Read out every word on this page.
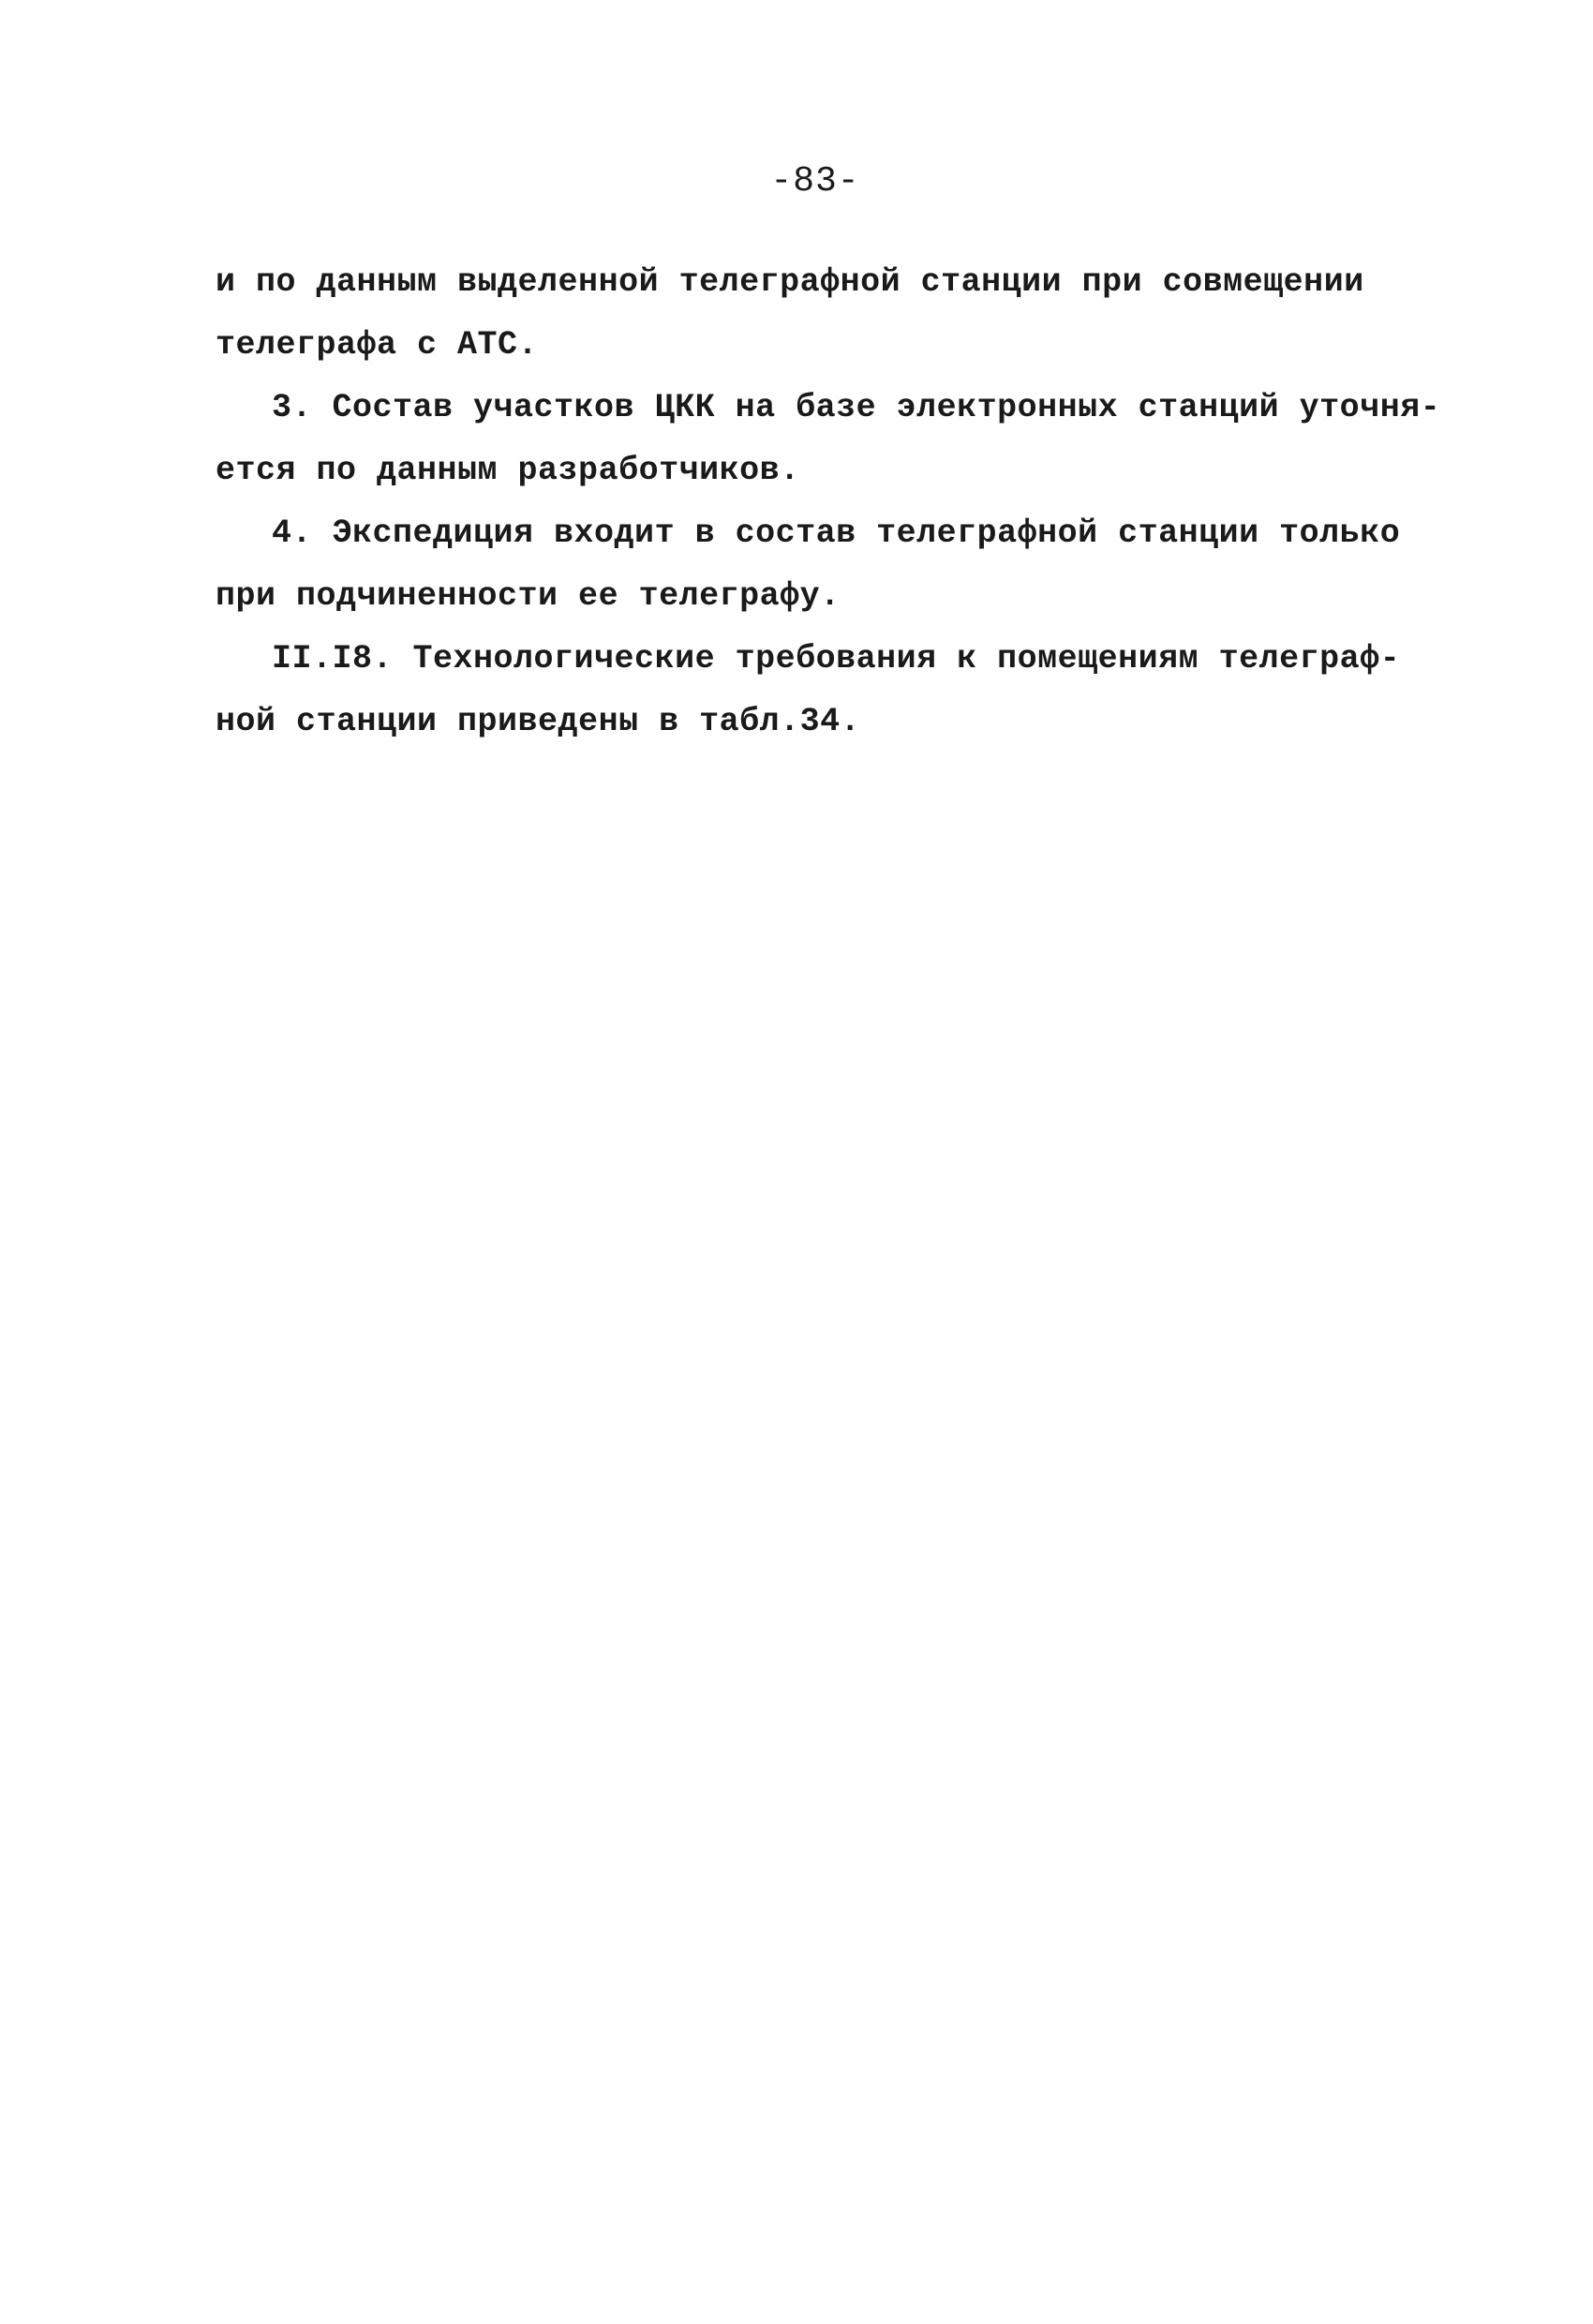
-83-
и по данным выделенной телеграфной станции при совмещении
телеграфа с АТС.
3. Состав участков ЦКК на базе электронных станций уточня-
ется по данным разработчиков.
4. Экспедиция входит в состав телеграфной станции только
при подчиненности ее телеграфу.
II.I8. Технологические требования к помещениям телеграф-
ной станции приведены в табл.34.
